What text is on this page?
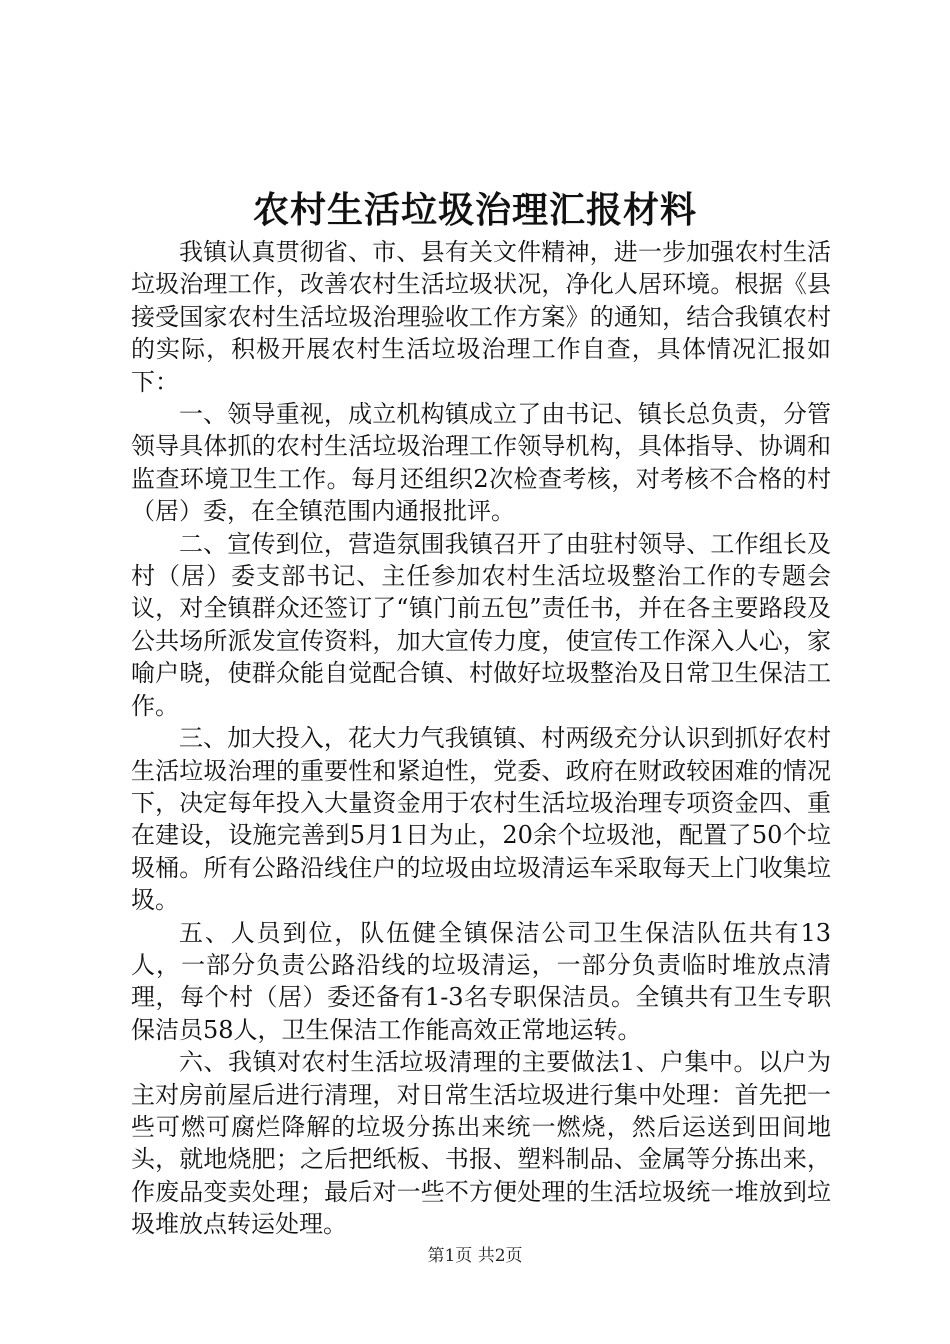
农村生活垃圾治理汇报材料

我镇认真贯彻省、市、县有关文件精神，进一步加强农村生活垃圾治理工作，改善农村生活垃圾状况，净化人居环境。根据《县接受国家农村生活垃圾治理验收工作方案》的通知，结合我镇农村的实际，积极开展农村生活垃圾治理工作自查，具体情况汇报如下：

一、领导重视，成立机构镇成立了由书记、镇长总负责，分管领导具体抓的农村生活垃圾治理工作领导机构，具体指导、协调和监查环境卫生工作。每月还组织2次检查考核，对考核不合格的村（居）委，在全镇范围内通报批评。

二、宣传到位，营造氛围我镇召开了由驻村领导、工作组长及村（居）委支部书记、主任参加农村生活垃圾整治工作的专题会议，对全镇群众还签订了“镇门前五包”责任书，并在各主要路段及公共场所派发宣传资料，加大宣传力度，使宣传工作深入人心，家喻户晓，使群众能自觉配合镇、村做好垃圾整治及日常卫生保洁工作。

三、加大投入，花大力气我镇镇、村两级充分认识到抓好农村生活垃圾治理的重要性和紧迫性，党委、政府在财政较困难的情况下，决定每年投入大量资金用于农村生活垃圾治理专项资金四、重在建设，设施完善到5月1日为止，20余个垃圾池，配置了50个垃圾桶。所有公路沿线住户的垃圾由垃圾清运车采取每天上门收集垃圾。

五、人员到位，队伍健全镇保洁公司卫生保洁队伍共有13人，一部分负责公路沿线的垃圾清运，一部分负责临时堆放点清理，每个村（居）委还备有1-3名专职保洁员。全镇共有卫生专职保洁员58人，卫生保洁工作能高效正常地运转。

六、我镇对农村生活垃圾清理的主要做法1、户集中。以户为主对房前屋后进行清理，对日常生活垃圾进行集中处理：首先把一些可燃可腐烂降解的垃圾分拣出来统一燃烧，然后运送到田间地头，就地烧肥；之后把纸板、书报、塑料制品、金属等分拣出来，作废品变卖处理；最后对一些不方便处理的生活垃圾统一堆放到垃圾堆放点转运处理。

第1页 共2页
